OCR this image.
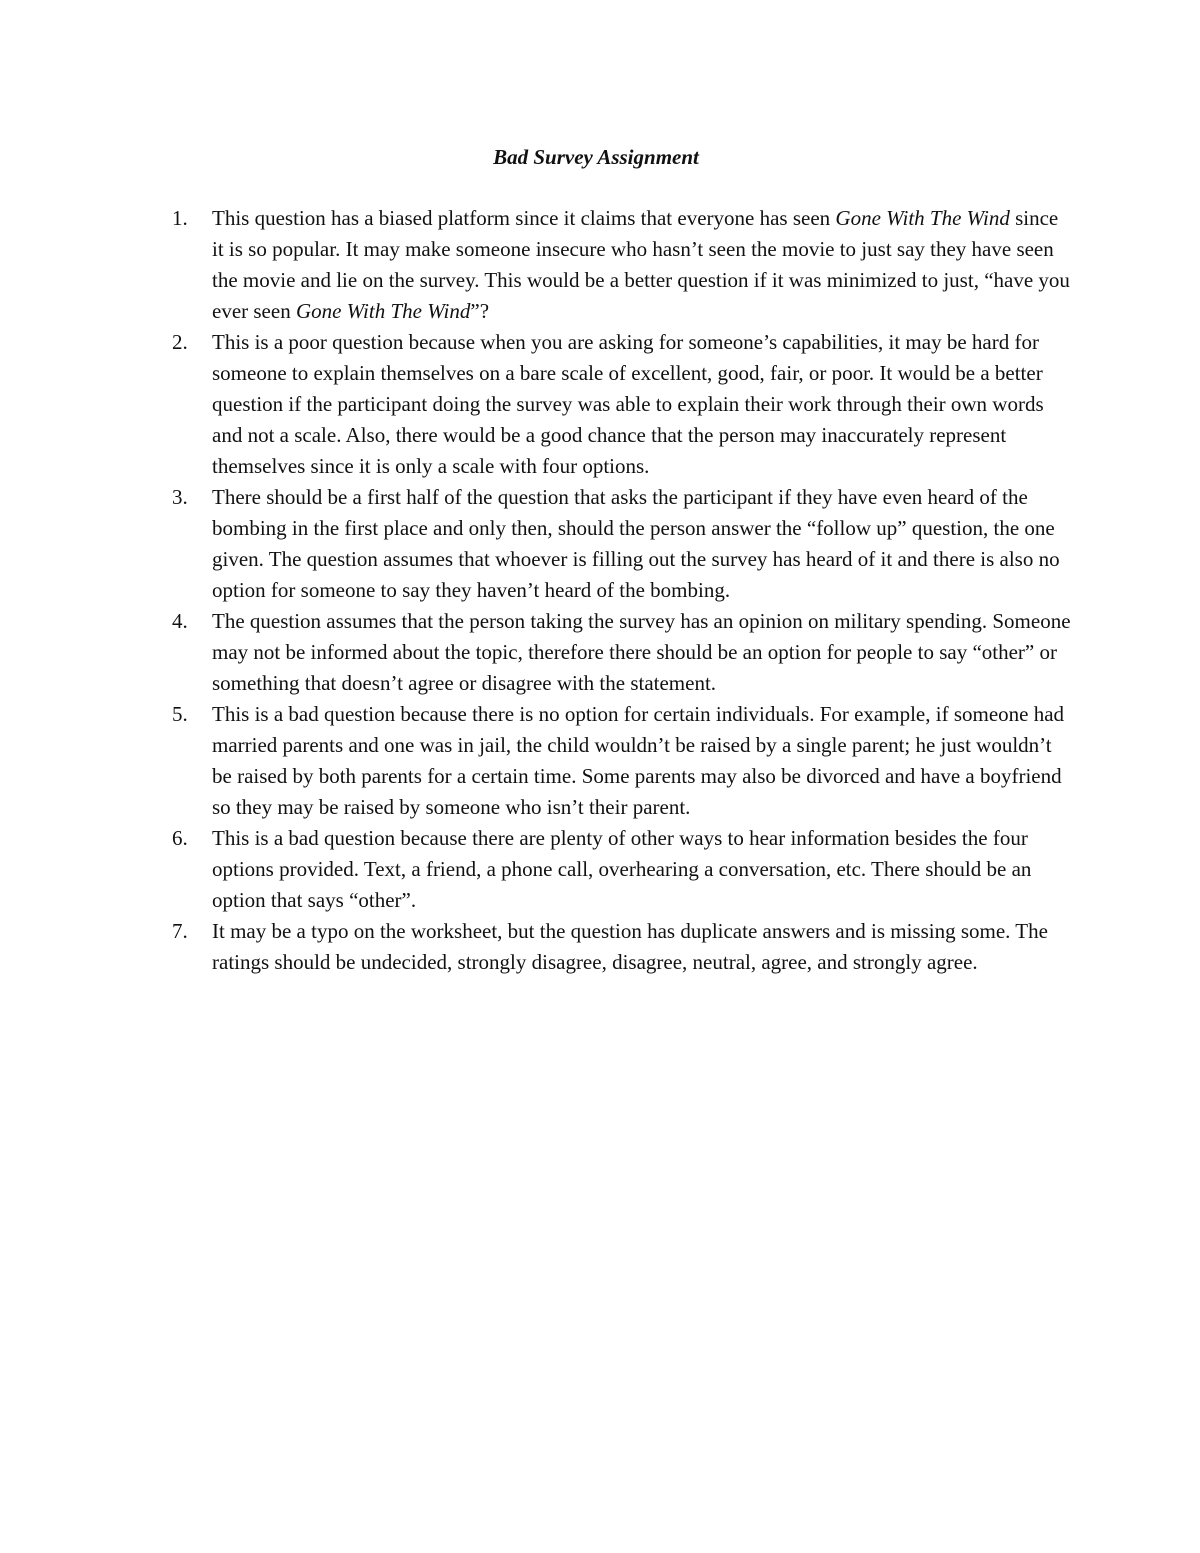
Bad Survey Assignment
1. This question has a biased platform since it claims that everyone has seen Gone With The Wind since it is so popular. It may make someone insecure who hasn’t seen the movie to just say they have seen the movie and lie on the survey. This would be a better question if it was minimized to just, “have you ever seen Gone With The Wind”?
2. This is a poor question because when you are asking for someone’s capabilities, it may be hard for someone to explain themselves on a bare scale of excellent, good, fair, or poor. It would be a better question if the participant doing the survey was able to explain their work through their own words and not a scale. Also, there would be a good chance that the person may inaccurately represent themselves since it is only a scale with four options.
3. There should be a first half of the question that asks the participant if they have even heard of the bombing in the first place and only then, should the person answer the “follow up” question, the one given. The question assumes that whoever is filling out the survey has heard of it and there is also no option for someone to say they haven’t heard of the bombing.
4. The question assumes that the person taking the survey has an opinion on military spending. Someone may not be informed about the topic, therefore there should be an option for people to say “other” or something that doesn’t agree or disagree with the statement.
5. This is a bad question because there is no option for certain individuals. For example, if someone had married parents and one was in jail, the child wouldn’t be raised by a single parent; he just wouldn’t be raised by both parents for a certain time. Some parents may also be divorced and have a boyfriend so they may be raised by someone who isn’t their parent.
6. This is a bad question because there are plenty of other ways to hear information besides the four options provided. Text, a friend, a phone call, overhearing a conversation, etc. There should be an option that says “other”.
7. It may be a typo on the worksheet, but the question has duplicate answers and is missing some. The ratings should be undecided, strongly disagree, disagree, neutral, agree, and strongly agree.
